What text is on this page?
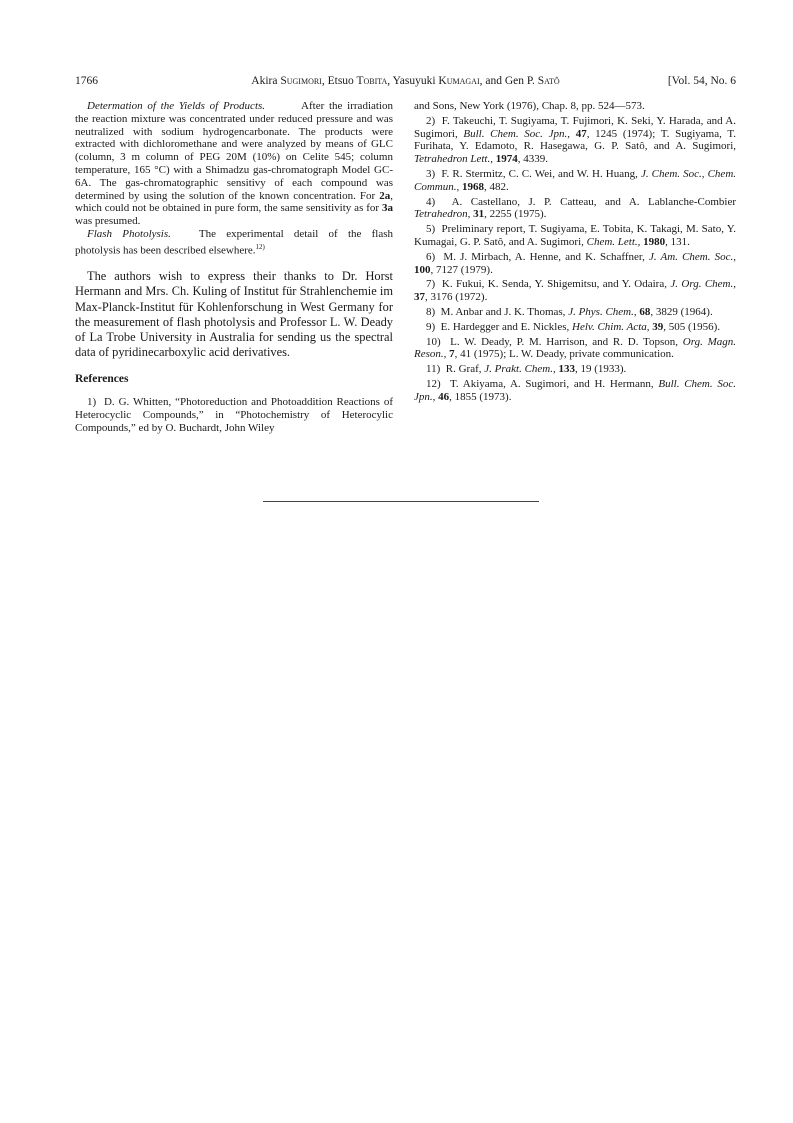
1766	Akira Sugimori, Etsuo Tobita, Yasuyuki Kumagai, and Gen P. Satô	[Vol. 54, No. 6

Determation of the Yields of Products.	After the irradiation the reaction mixture was concentrated under reduced pressure and was neutralized with sodium hydrogencarbonate. The products were extracted with dichloromethane and were analyzed by means of GLC (column, 3 m column of PEG 20M (10%) on Celite 545; column temperature, 165 °C) with a Shimadzu gas-chromatograph Model GC-6A. The gas-chromatographic sensitivy of each compound was determined by using the solution of the known concentration. For 2a, which could not be obtained in pure form, the same sensitivity as for 3a was presumed.

Flash Photolysis.	The experimental detail of the flash photolysis has been described elsewhere.$^{12)}$

The authors wish to express their thanks to Dr. Horst Hermann and Mrs. Ch. Kuling of Institut für Strahlenchemie im Max-Planck-Institut für Kohlenforschung in West Germany for the measurement of flash photolysis and Professor L. W. Deady of La Trobe University in Australia for sending us the spectral data of pyridinecarboxylic acid derivatives.

References

1)  D. G. Whitten, “Photoreduction and Photoaddition Reactions of Heterocyclic Compounds,” in “Photochemistry of Heterocylic Compounds,” ed by O. Buchardt, John Wiley

and Sons, New York (1976), Chap. 8, pp. 524—573.

2)  F. Takeuchi, T. Sugiyama, T. Fujimori, K. Seki, Y. Harada, and A. Sugimori, Bull. Chem. Soc. Jpn., 47, 1245 (1974); T. Sugiyama, T. Furihata, Y. Edamoto, R. Hasegawa, G. P. Satô, and A. Sugimori, Tetrahedron Lett., 1974, 4339.

3)  F. R. Stermitz, C. C. Wei, and W. H. Huang, J. Chem. Soc., Chem. Commun., 1968, 482.

4)  A. Castellano, J. P. Catteau, and A. Lablanche-Combier Tetrahedron, 31, 2255 (1975).

5)  Preliminary report, T. Sugiyama, E. Tobita, K. Takagi, M. Sato, Y. Kumagai, G. P. Satô, and A. Sugimori, Chem. Lett., 1980, 131.

6)  M. J. Mirbach, A. Henne, and K. Schaffner, J. Am. Chem. Soc., 100, 7127 (1979).

7)  K. Fukui, K. Senda, Y. Shigemitsu, and Y. Odaira, J. Org. Chem., 37, 3176 (1972).

8)  M. Anbar and J. K. Thomas, J. Phys. Chem., 68, 3829 (1964).

9)  E. Hardegger and E. Nickles, Helv. Chim. Acta, 39, 505 (1956).

10)  L. W. Deady, P. M. Harrison, and R. D. Topson, Org. Magn. Reson., 7, 41 (1975); L. W. Deady, private communication.

11)  R. Graf, J. Prakt. Chem., 133, 19 (1933).

12)  T. Akiyama, A. Sugimori, and H. Hermann, Bull. Chem. Soc. Jpn., 46, 1855 (1973).
